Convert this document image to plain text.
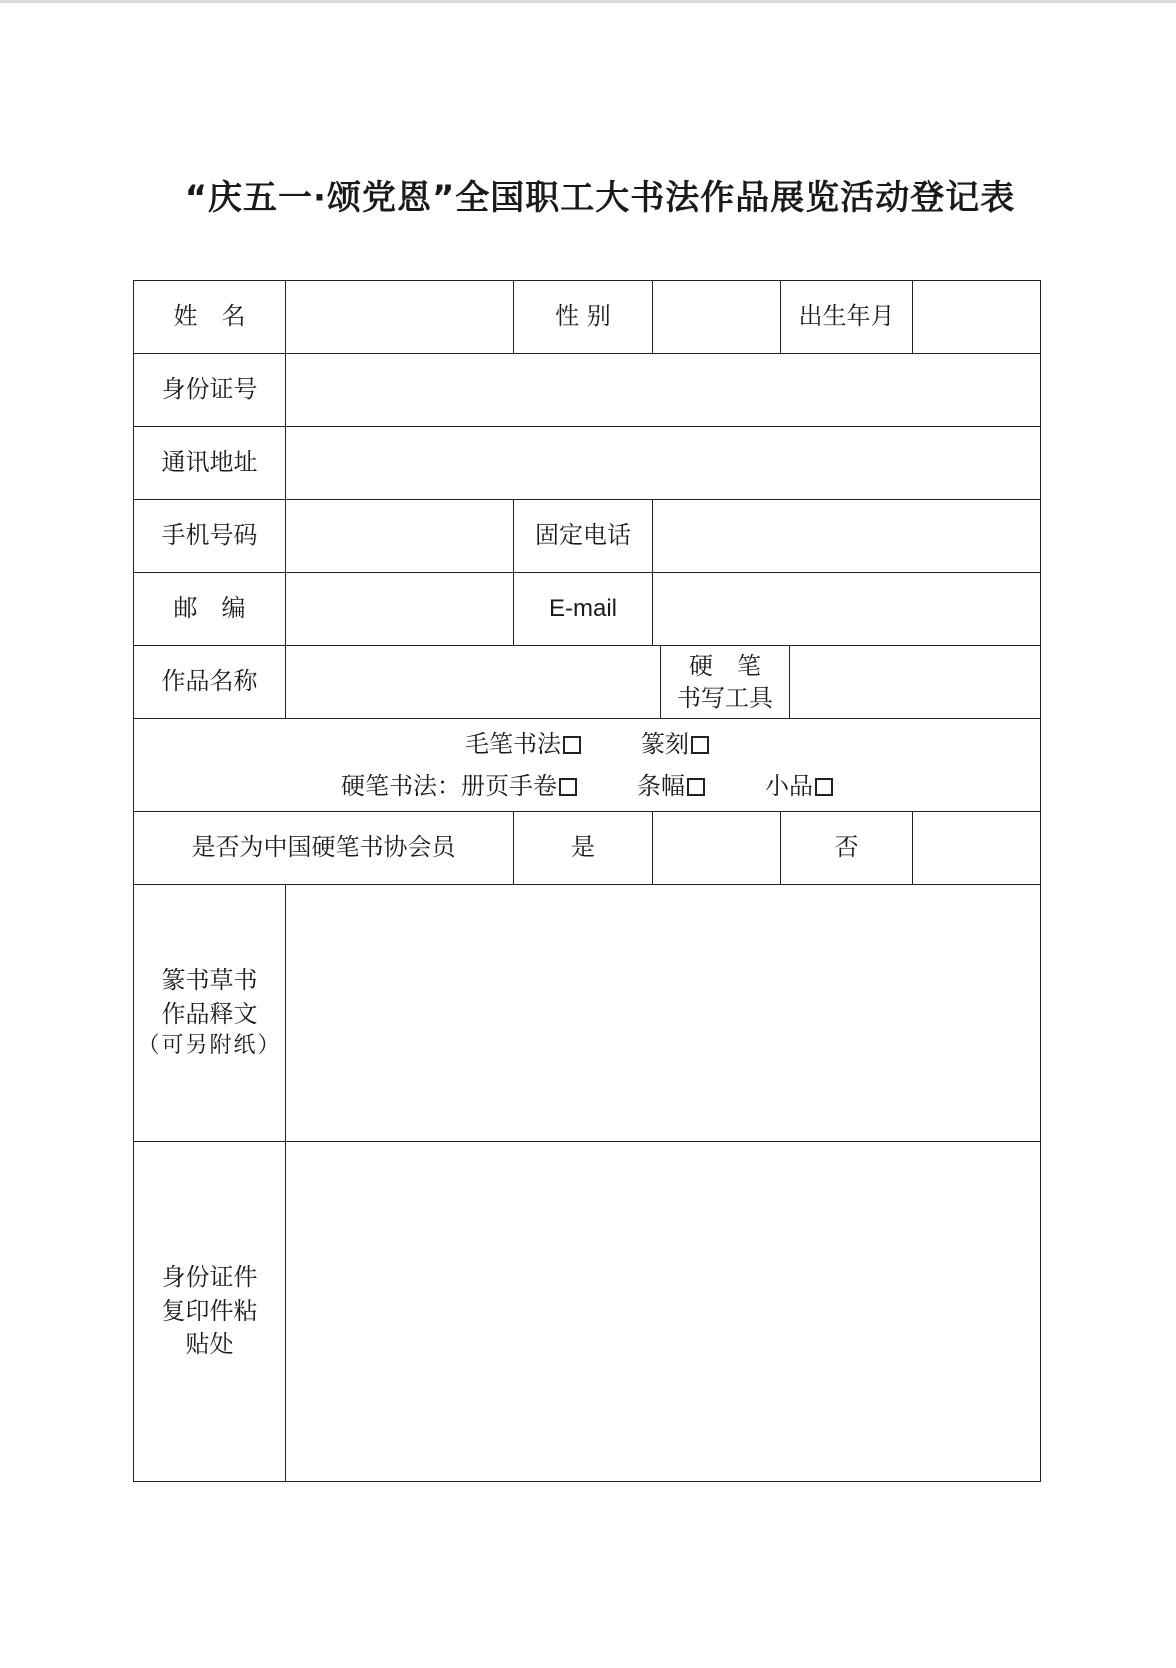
“庆五一·颂党恩”全国职工大书法作品展览活动登记表
姓　名		性 别			出生年月		
身份证号							
通讯地址							
手机号码		固定电话					
邮　编		E-mail					
作品名称				硬　笔
书写工具			

毛笔书法 篆刻
硬笔书法：册页手卷 条幅 小品							

是否为中国硬笔书协会员		是			否		

篆书草书
作品释文
（可另附纸）							

身份证件
复印件粘
贴处							
